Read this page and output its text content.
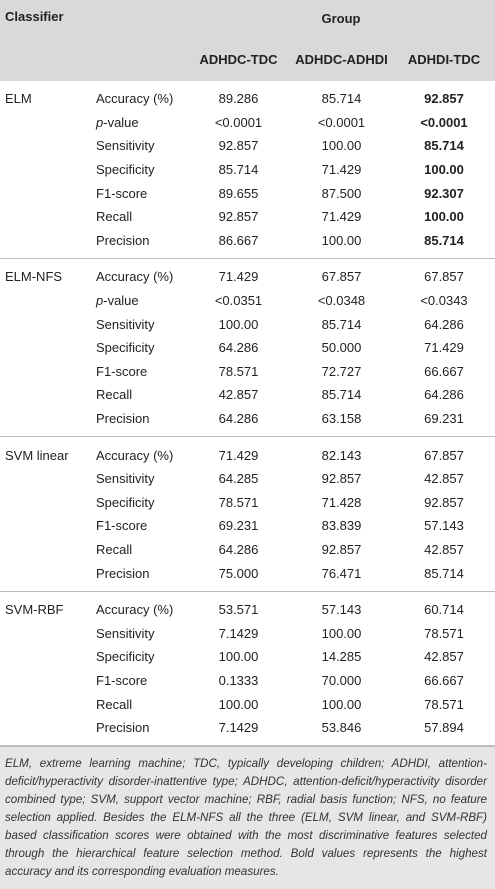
Classifier		Group		
		ADHDC-TDC	ADHDC-ADHDI	ADHDI-TDC
ELM	Accuracy (%)	89.286	85.714	92.857
	p-value	<0.0001	<0.0001	<0.0001
	Sensitivity	92.857	100.00	85.714
	Specificity	85.714	71.429	100.00
	F1-score	89.655	87.500	92.307
	Recall	92.857	71.429	100.00
	Precision	86.667	100.00	85.714
ELM-NFS	Accuracy (%)	71.429	67.857	67.857
	p-value	<0.0351	<0.0348	<0.0343
	Sensitivity	100.00	85.714	64.286
	Specificity	64.286	50.000	71.429
	F1-score	78.571	72.727	66.667
	Recall	42.857	85.714	64.286
	Precision	64.286	63.158	69.231
SVM linear	Accuracy (%)	71.429	82.143	67.857
	Sensitivity	64.285	92.857	42.857
	Specificity	78.571	71.428	92.857
	F1-score	69.231	83.839	57.143
	Recall	64.286	92.857	42.857
	Precision	75.000	76.471	85.714
SVM-RBF	Accuracy (%)	53.571	57.143	60.714
	Sensitivity	7.1429	100.00	78.571
	Specificity	100.00	14.285	42.857
	F1-score	0.1333	70.000	66.667
	Recall	100.00	100.00	78.571
	Precision	7.1429	53.846	57.894
ELM, extreme learning machine; TDC, typically developing children; ADHDI, attention-deficit/hyperactivity disorder-inattentive type; ADHDC, attention-deficit/hyperactivity disorder combined type; SVM, support vector machine; RBF, radial basis function; NFS, no feature selection applied. Besides the ELM-NFS all the three (ELM, SVM linear, and SVM-RBF) based classification scores were obtained with the most discriminative features selected through the hierarchical feature selection method. Bold values represents the highest accuracy and its corresponding evaluation measures.
